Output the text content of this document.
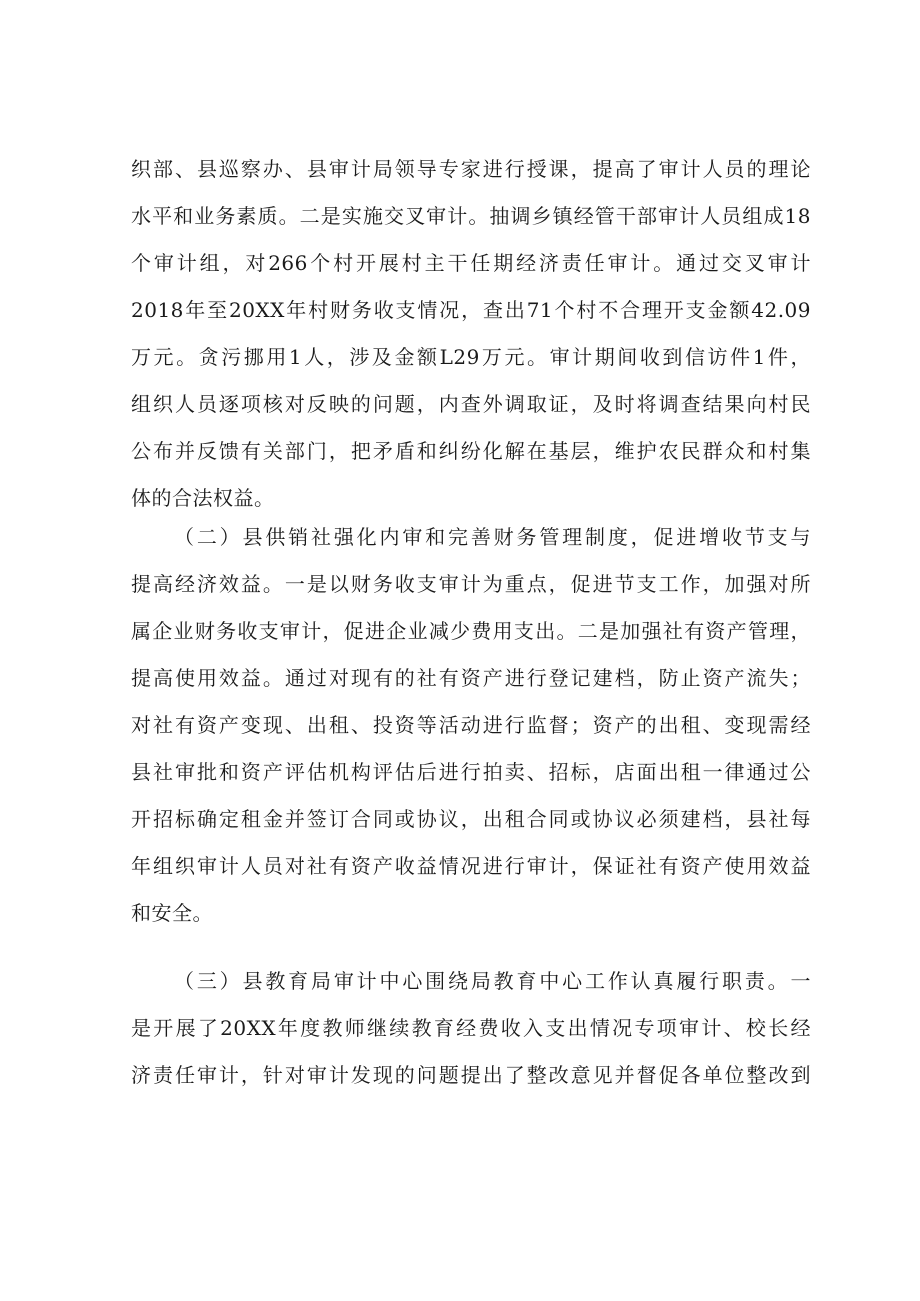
织部、县巡察办、县审计局领导专家进行授课，提高了审计人员的理论
水平和业务素质。二是实施交叉审计。抽调乡镇经管干部审计人员组成18
个审计组，对266个村开展村主干任期经济责任审计。通过交叉审计
2018年至20XX年村财务收支情况，查出71个村不合理开支金额42.09
万元。贪污挪用1人，涉及金额L29万元。审计期间收到信访件1件，
组织人员逐项核对反映的问题，内查外调取证，及时将调查结果向村民
公布并反馈有关部门，把矛盾和纠纷化解在基层，维护农民群众和村集
体的合法权益。
（二）县供销社强化内审和完善财务管理制度，促进增收节支与
提高经济效益。一是以财务收支审计为重点，促进节支工作，加强对所
属企业财务收支审计，促进企业减少费用支出。二是加强社有资产管理，
提高使用效益。通过对现有的社有资产进行登记建档，防止资产流失；
对社有资产变现、出租、投资等活动进行监督；资产的出租、变现需经
县社审批和资产评估机构评估后进行拍卖、招标，店面出租一律通过公
开招标确定租金并签订合同或协议，出租合同或协议必须建档，县社每
年组织审计人员对社有资产收益情况进行审计，保证社有资产使用效益
和安全。
（三）县教育局审计中心围绕局教育中心工作认真履行职责。一
是开展了20XX年度教师继续教育经费收入支出情况专项审计、校长经
济责任审计，针对审计发现的问题提出了整改意见并督促各单位整改到
